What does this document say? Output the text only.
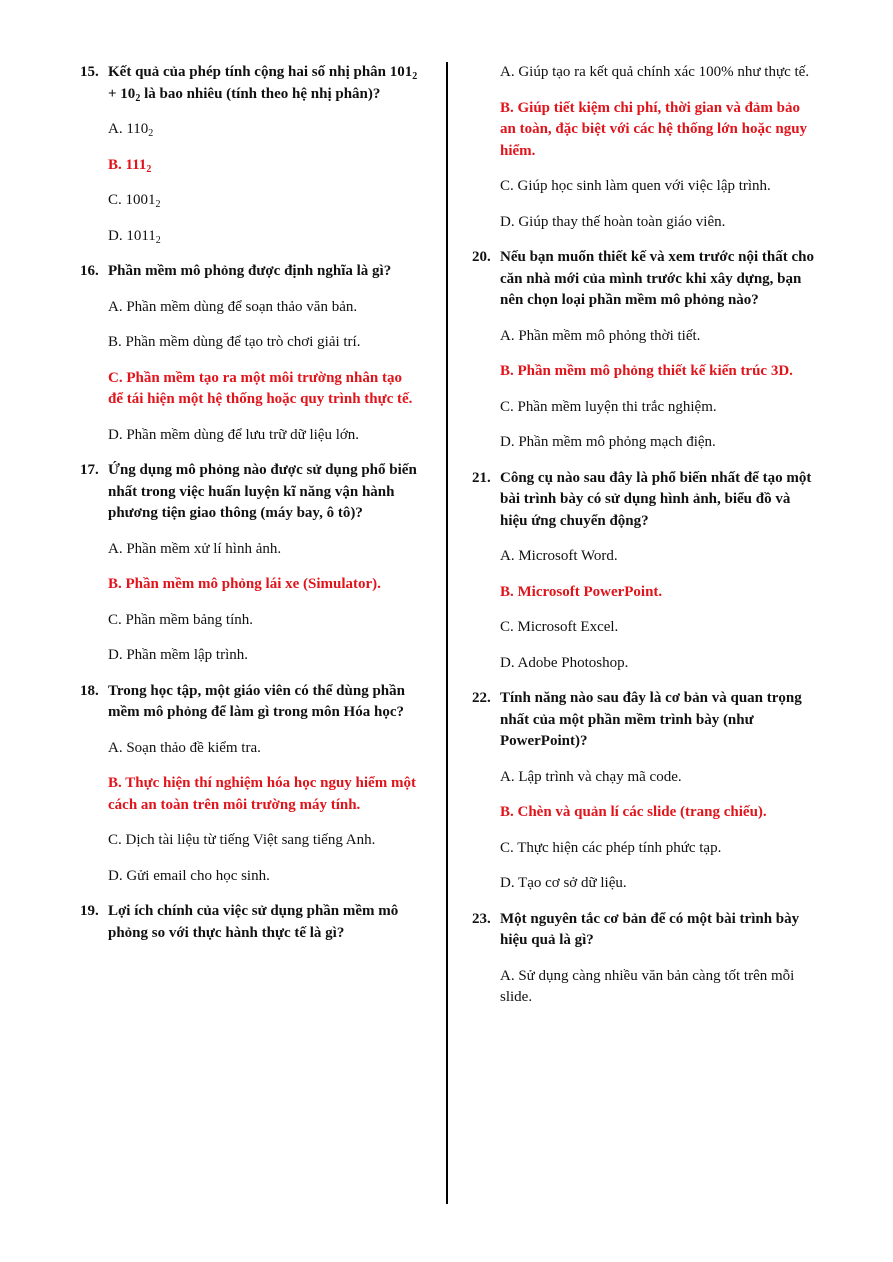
15. Kết quả của phép tính cộng hai số nhị phân $101_2 + 10_2$ là bao nhiêu (tính theo hệ nhị phân)?
A. $110_2$
B. $111_2$
C. $1001_2$
D. $1011_2$
16. Phần mềm mô phỏng được định nghĩa là gì?
A. Phần mềm dùng để soạn thảo văn bản.
B. Phần mềm dùng để tạo trò chơi giải trí.
C. Phần mềm tạo ra một môi trường nhân tạo để tái hiện một hệ thống hoặc quy trình thực tế.
D. Phần mềm dùng để lưu trữ dữ liệu lớn.
17. Ứng dụng mô phỏng nào được sử dụng phổ biến nhất trong việc huấn luyện kĩ năng vận hành phương tiện giao thông (máy bay, ô tô)?
A. Phần mềm xử lí hình ảnh.
B. Phần mềm mô phỏng lái xe (Simulator).
C. Phần mềm bảng tính.
D. Phần mềm lập trình.
18. Trong học tập, một giáo viên có thể dùng phần mềm mô phỏng để làm gì trong môn Hóa học?
A. Soạn thảo đề kiểm tra.
B. Thực hiện thí nghiệm hóa học nguy hiểm một cách an toàn trên môi trường máy tính.
C. Dịch tài liệu từ tiếng Việt sang tiếng Anh.
D. Gửi email cho học sinh.
19. Lợi ích chính của việc sử dụng phần mềm mô phỏng so với thực hành thực tế là gì?
A. Giúp tạo ra kết quả chính xác 100% như thực tế.
B. Giúp tiết kiệm chi phí, thời gian và đảm bảo an toàn, đặc biệt với các hệ thống lớn hoặc nguy hiểm.
C. Giúp học sinh làm quen với việc lập trình.
D. Giúp thay thế hoàn toàn giáo viên.
20. Nếu bạn muốn thiết kế và xem trước nội thất cho căn nhà mới của mình trước khi xây dựng, bạn nên chọn loại phần mềm mô phỏng nào?
A. Phần mềm mô phỏng thời tiết.
B. Phần mềm mô phỏng thiết kế kiến trúc 3D.
C. Phần mềm luyện thi trắc nghiệm.
D. Phần mềm mô phỏng mạch điện.
21. Công cụ nào sau đây là phổ biến nhất để tạo một bài trình bày có sử dụng hình ảnh, biểu đồ và hiệu ứng chuyển động?
A. Microsoft Word.
B. Microsoft PowerPoint.
C. Microsoft Excel.
D. Adobe Photoshop.
22. Tính năng nào sau đây là cơ bản và quan trọng nhất của một phần mềm trình bày (như PowerPoint)?
A. Lập trình và chạy mã code.
B. Chèn và quản lí các slide (trang chiếu).
C. Thực hiện các phép tính phức tạp.
D. Tạo cơ sở dữ liệu.
23. Một nguyên tắc cơ bản để có một bài trình bày hiệu quả là gì?
A. Sử dụng càng nhiều văn bản càng tốt trên mỗi slide.
